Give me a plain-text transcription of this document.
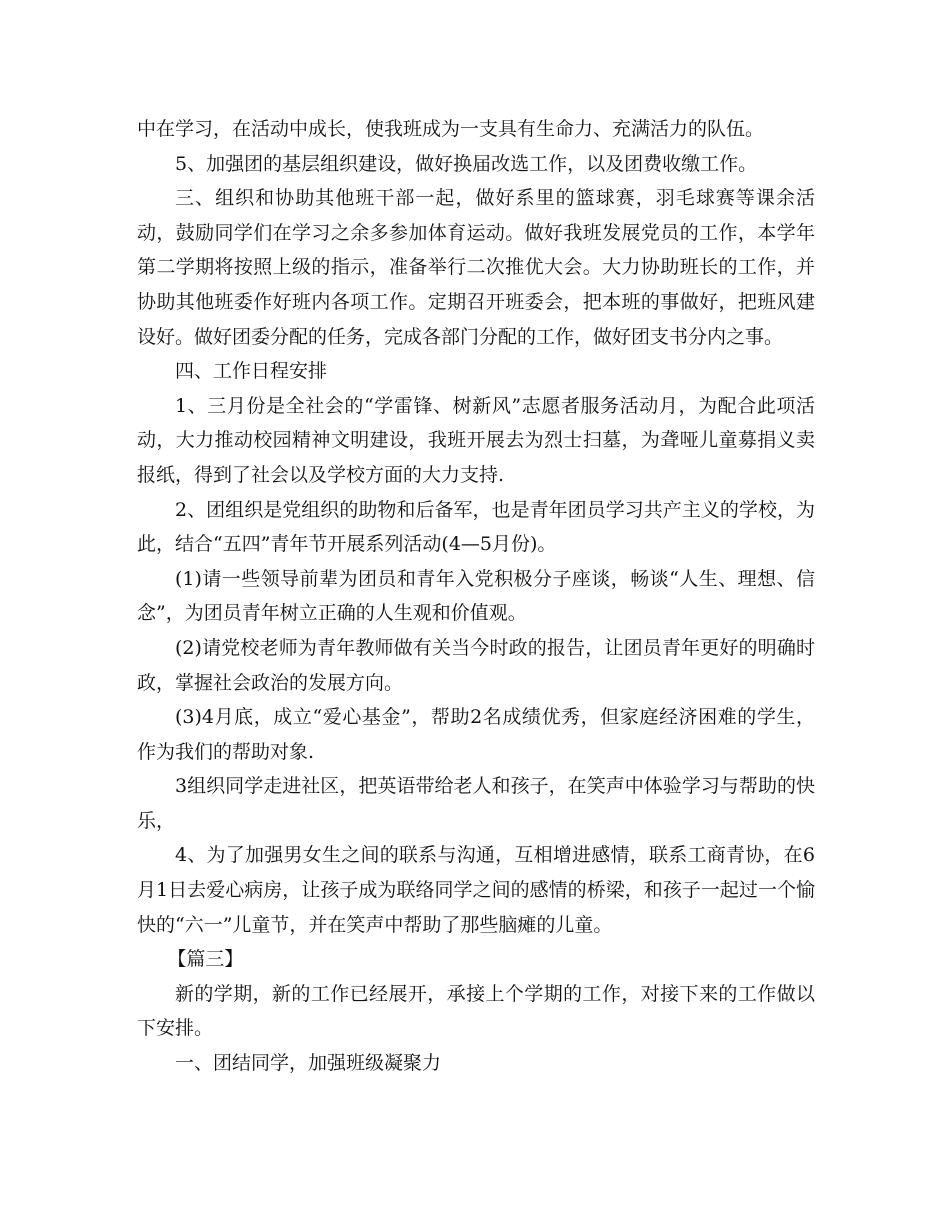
中在学习，在活动中成长，使我班成为一支具有生命力、充满活力的队伍。

5、加强团的基层组织建设，做好换届改选工作，以及团费收缴工作。

三、组织和协助其他班干部一起，做好系里的篮球赛，羽毛球赛等课余活动，鼓励同学们在学习之余多参加体育运动。做好我班发展党员的工作，本学年第二学期将按照上级的指示，准备举行二次推优大会。大力协助班长的工作，并协助其他班委作好班内各项工作。定期召开班委会，把本班的事做好，把班风建设好。做好团委分配的任务，完成各部门分配的工作，做好团支书分内之事。

四、工作日程安排

1、三月份是全社会的“学雷锋、树新风”志愿者服务活动月，为配合此项活动，大力推动校园精神文明建设，我班开展去为烈士扫墓，为聋哑儿童募捐义卖报纸，得到了社会以及学校方面的大力支持.

2、团组织是党组织的助物和后备军，也是青年团员学习共产主义的学校，为此，结合“五四”青年节开展系列活动(4—5月份)。

(1)请一些领导前辈为团员和青年入党积极分子座谈，畅谈“人生、理想、信念”，为团员青年树立正确的人生观和价值观。

(2)请党校老师为青年教师做有关当今时政的报告，让团员青年更好的明确时政，掌握社会政治的发展方向。

(3)4月底，成立“爱心基金”，帮助2名成绩优秀，但家庭经济困难的学生，作为我们的帮助对象.

3组织同学走进社区，把英语带给老人和孩子，在笑声中体验学习与帮助的快乐，

4、为了加强男女生之间的联系与沟通，互相增进感情，联系工商青协，在6月1日去爱心病房，让孩子成为联络同学之间的感情的桥梁，和孩子一起过一个愉快的“六一”儿童节，并在笑声中帮助了那些脑瘫的儿童。

【篇三】

新的学期，新的工作已经展开，承接上个学期的工作，对接下来的工作做以下安排。

一、团结同学，加强班级凝聚力
